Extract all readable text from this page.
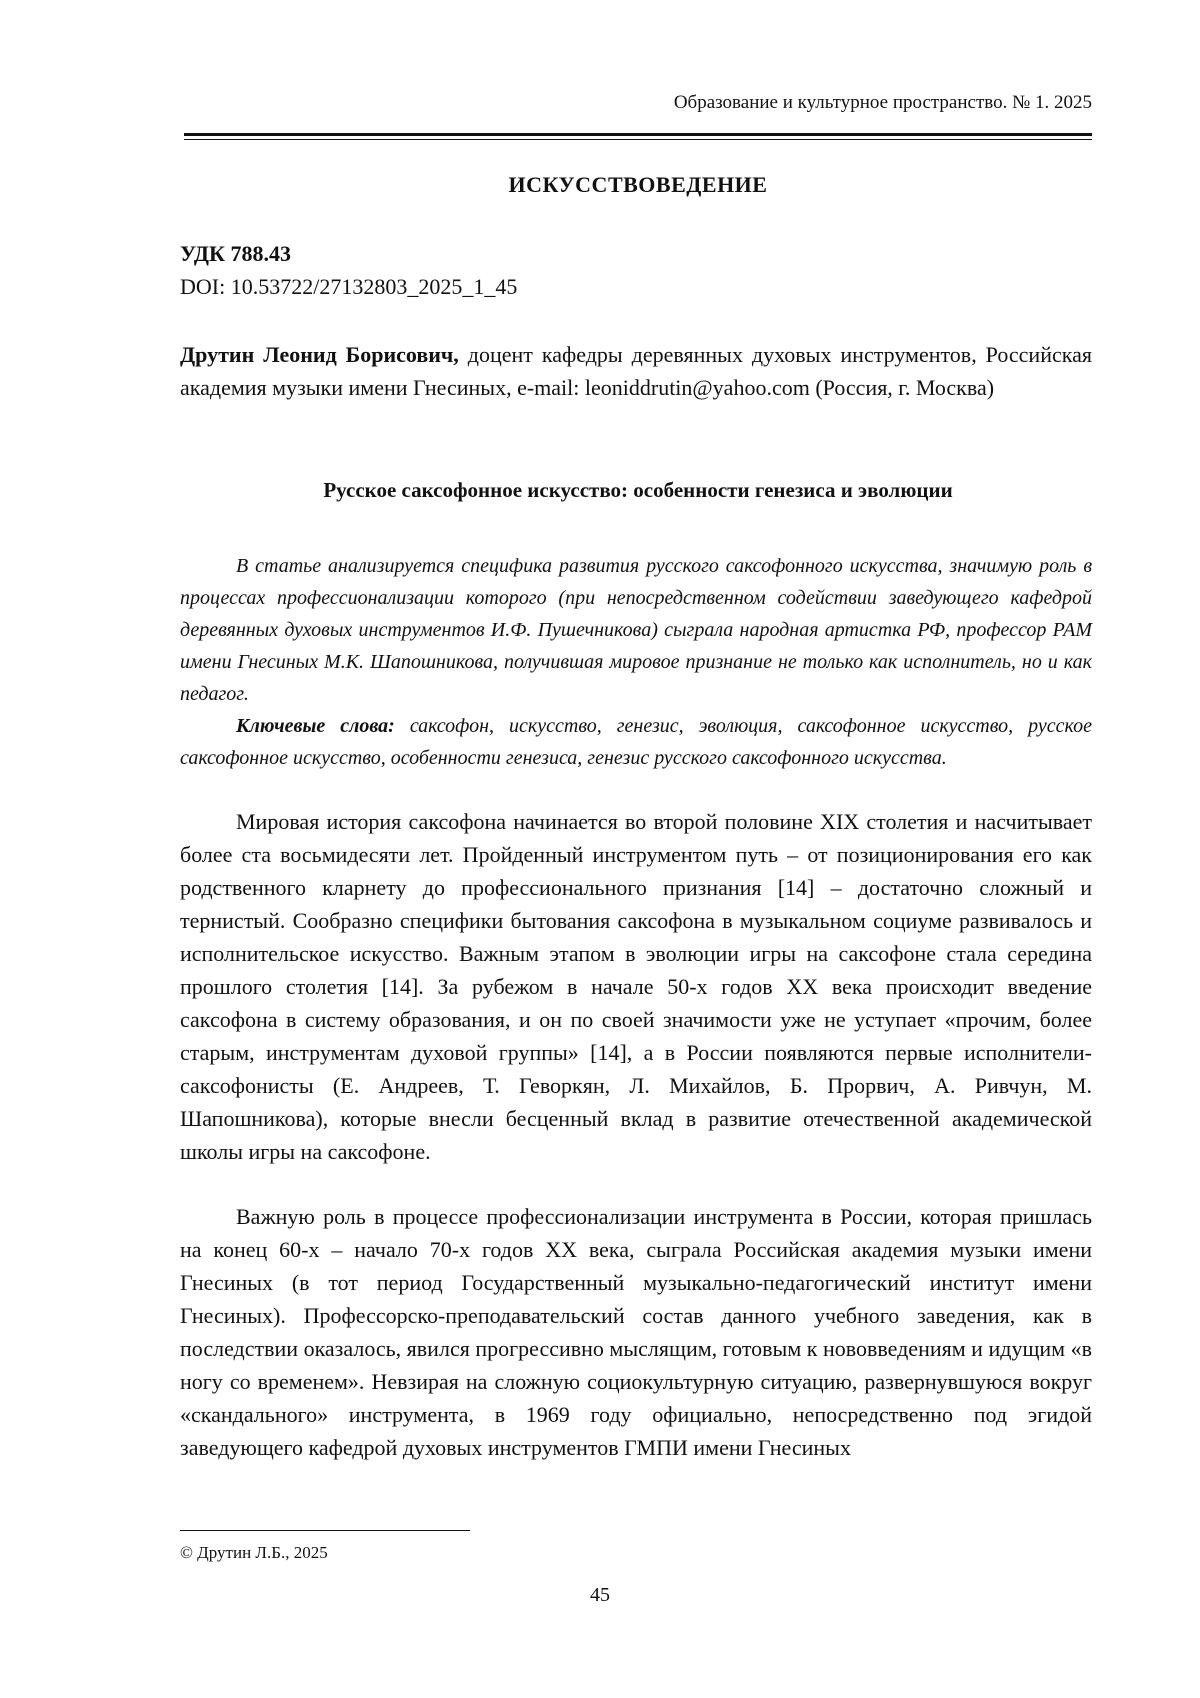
Образование и культурное пространство. № 1. 2025
ИСКУССТВОВЕДЕНИЕ
УДК 788.43
DOI: 10.53722/27132803_2025_1_45
Друтин Леонид Борисович, доцент кафедры деревянных духовых инструментов, Российская академия музыки имени Гнесиных, e-mail: leoniddrutin@yahoo.com (Россия, г. Москва)
Русское саксофонное искусство: особенности генезиса и эволюции

В статье анализируется специфика развития русского саксофонного искусства, значимую роль в процессах профессионализации которого (при непосредственном содействии заведующего кафедрой деревянных духовых инструментов И.Ф. Пушечникова) сыграла народная артистка РФ, профессор РАМ имени Гнесиных М.К. Шапошникова, получившая мировое признание не только как исполнитель, но и как педагог.

Ключевые слова: саксофон, искусство, генезис, эволюция, саксофонное искусство, русское саксофонное искусство, особенности генезиса, генезис русского саксофонного искусства.

Мировая история саксофона начинается во второй половине XIX столетия и насчитывает более ста восьмидесяти лет. Пройденный инструментом путь – от позиционирования его как родственного кларнету до профессионального признания [14] – достаточно сложный и тернистый. Сообразно специфики бытования саксофона в музыкальном социуме развивалось и исполнительское искусство. Важным этапом в эволюции игры на саксофоне стала середина прошлого столетия [14]. За рубежом в начале 50-х годов XX века происходит введение саксофона в систему образования, и он по своей значимости уже не уступает «прочим, более старым, инструментам духовой группы» [14], а в России появляются первые исполнители-саксофонисты (Е. Андреев, Т. Геворкян, Л. Михайлов, Б. Прорвич, А. Ривчун, М. Шапошникова), которые внесли бесценный вклад в развитие отечественной академической школы игры на саксофоне.

Важную роль в процессе профессионализации инструмента в России, которая пришлась на конец 60-х – начало 70-х годов XX века, сыграла Российская академия музыки имени Гнесиных (в тот период Государственный музыкально-педагогический институт имени Гнесиных). Профессорско-преподавательский состав данного учебного заведения, как в последствии оказалось, явился прогрессивно мыслящим, готовым к нововведениям и идущим «в ногу со временем». Невзирая на сложную социокультурную ситуацию, развернувшуюся вокруг «скандального» инструмента, в 1969 году официально, непосредственно под эгидой заведующего кафедрой духовых инструментов ГМПИ имени Гнесиных

© Друтин Л.Б., 2025
45
